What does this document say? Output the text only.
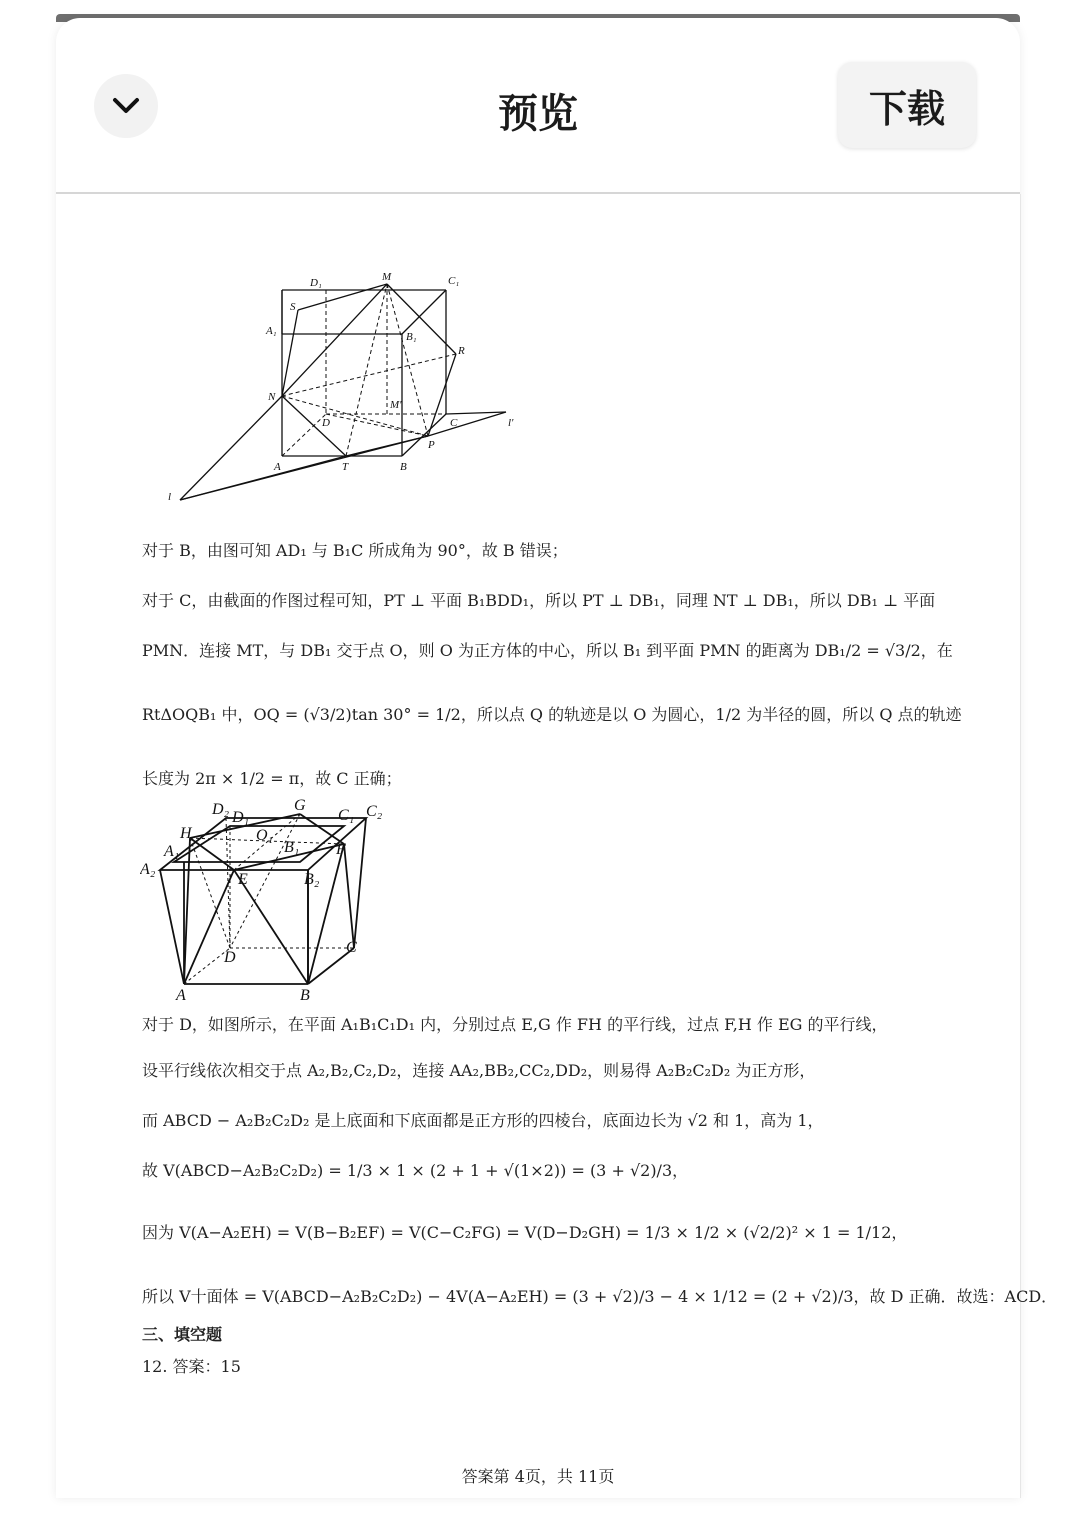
预览	下载
D₁	M	C₁
S
A₁	B₁
R
N
M'
D	C	l'
P
A	T	B
l
对于 B，由图可知 AD₁ 与 B₁C 所成角为 90°，故 B 错误；
对于 C，由截面的作图过程可知，PT ⊥ 平面 B₁BDD₁，所以 PT ⊥ DB₁，同理 NT ⊥ DB₁，所以 DB₁ ⊥ 平面
PMN．连接 MT，与 DB₁ 交于点 O，则 O 为正方体的中心，所以 B₁ 到平面 PMN 的距离为 DB₁/2 = √3/2，在
RtΔOQB₁ 中，OQ = (√3/2)tan 30° = 1/2，所以点 Q 的轨迹是以 O 为圆心，1/2 为半径的圆，所以 Q 点的轨迹
长度为 2π × 1/2 = π，故 C 正确；
D₂ D₁
G
C₁ C₂
H	O₁
A₁	B₁ F
A₂
E	B₂
D
C
A	B
对于 D，如图所示，在平面 A₁B₁C₁D₁ 内，分别过点 E,G 作 FH 的平行线，过点 F,H 作 EG 的平行线，
设平行线依次相交于点 A₂,B₂,C₂,D₂，连接 AA₂,BB₂,CC₂,DD₂，则易得 A₂B₂C₂D₂ 为正方形，
而 ABCD − A₂B₂C₂D₂ 是上底面和下底面都是正方形的四棱台，底面边长为 √2 和 1，高为 1，
故 V(ABCD−A₂B₂C₂D₂) = 1/3 × 1 × (2 + 1 + √(1×2)) = (3 + √2)/3，
因为 V(A−A₂EH) = V(B−B₂EF) = V(C−C₂FG) = V(D−D₂GH) = 1/3 × 1/2 × (√2/2)² × 1 = 1/12，
所以 V十面体 = V(ABCD−A₂B₂C₂D₂) − 4V(A−A₂EH) = (3 + √2)/3 − 4 × 1/12 = (2 + √2)/3，故 D 正确．故选：ACD．
三、填空题
12. 答案：15
答案第 4页，共 11页
